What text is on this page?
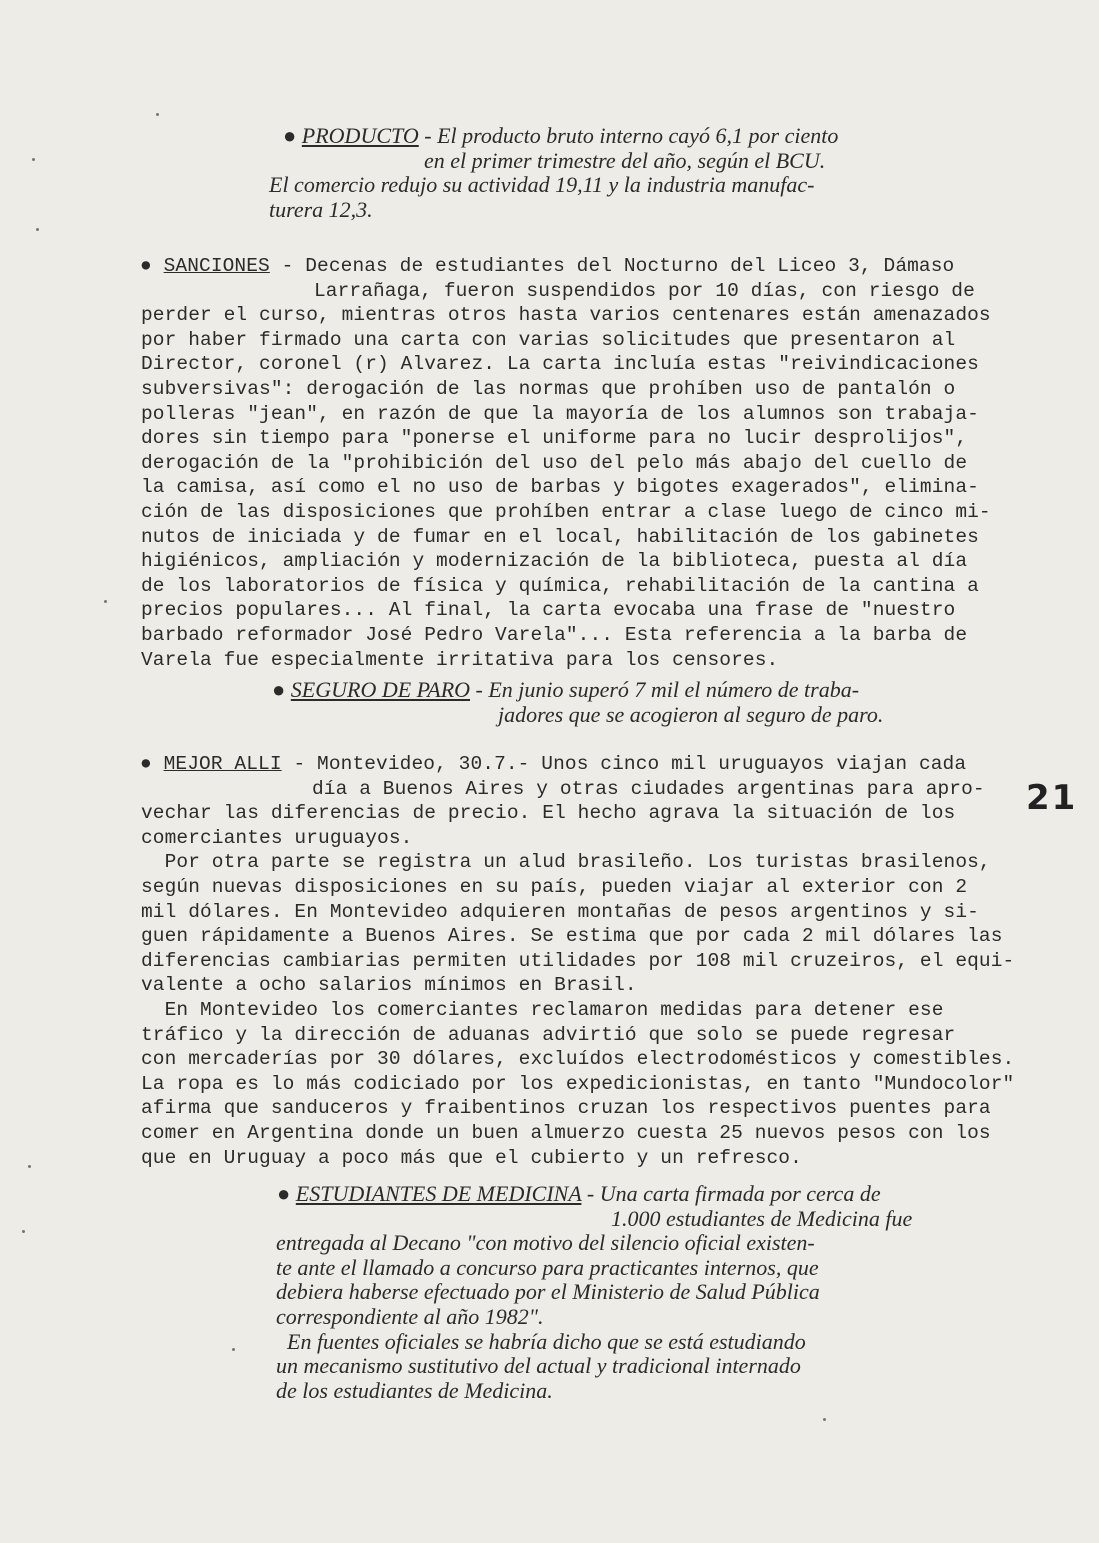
● PRODUCTO - El producto bruto interno cayó 6,1 por ciento
en el primer trimestre del año, según el BCU.
El comercio redujo su actividad 19,11 y la industria manufac-
turera 12,3.
● SANCIONES - Decenas de estudiantes del Nocturno del Liceo 3, Dámaso
Larrañaga, fueron suspendidos por 10 días, con riesgo de
perder el curso, mientras otros hasta varios centenares están amenazados
por haber firmado una carta con varias solicitudes que presentaron al
Director, coronel (r) Alvarez. La carta incluía estas "reivindicaciones
subversivas": derogación de las normas que prohíben uso de pantalón o
polleras "jean", en razón de que la mayoría de los alumnos son trabaja-
dores sin tiempo para "ponerse el uniforme para no lucir desprolijos",
derogación de la "prohibición del uso del pelo más abajo del cuello de
la camisa, así como el no uso de barbas y bigotes exagerados", elimina-
ción de las disposiciones que prohíben entrar a clase luego de cinco mi-
nutos de iniciada y de fumar en el local, habilitación de los gabinetes
higiénicos, ampliación y modernización de la biblioteca, puesta al día
de los laboratorios de física y química, rehabilitación de la cantina a
precios populares... Al final, la carta evocaba una frase de "nuestro
barbado reformador José Pedro Varela"... Esta referencia a la barba de
Varela fue especialmente irritativa para los censores.
● SEGURO DE PARO - En junio superó 7 mil el número de traba-
jadores que se acogieron al seguro de paro.
● MEJOR ALLI - Montevideo, 30.7.- Unos cinco mil uruguayos viajan cada
día a Buenos Aires y otras ciudades argentinas para apro-
vechar las diferencias de precio. El hecho agrava la situación de los
comerciantes uruguayos.
Por otra parte se registra un alud brasileño. Los turistas brasilenos,
según nuevas disposiciones en su país, pueden viajar al exterior con 2
mil dólares. En Montevideo adquieren montañas de pesos argentinos y si-
guen rápidamente a Buenos Aires. Se estima que por cada 2 mil dólares las
diferencias cambiarias permiten utilidades por 108 mil cruzeiros, el equi-
valente a ocho salarios mínimos en Brasil.
En Montevideo los comerciantes reclamaron medidas para detener ese
tráfico y la dirección de aduanas advirtió que solo se puede regresar
con mercaderías por 30 dólares, excluídos electrodomésticos y comestibles.
La ropa es lo más codiciado por los expedicionistas, en tanto "Mundocolor"
afirma que sanduceros y fraibentinos cruzan los respectivos puentes para
comer en Argentina donde un buen almuerzo cuesta 25 nuevos pesos con los
que en Uruguay a poco más que el cubierto y un refresco.
● ESTUDIANTES DE MEDICINA - Una carta firmada por cerca de
1.000 estudiantes de Medicina fue
entregada al Decano "con motivo del silencio oficial existen-
te ante el llamado a concurso para practicantes internos, que
debiera haberse efectuado por el Ministerio de Salud Pública
correspondiente al año 1982".
En fuentes oficiales se habría dicho que se está estudiando
un mecanismo sustitutivo del actual y tradicional internado
de los estudiantes de Medicina.
21
